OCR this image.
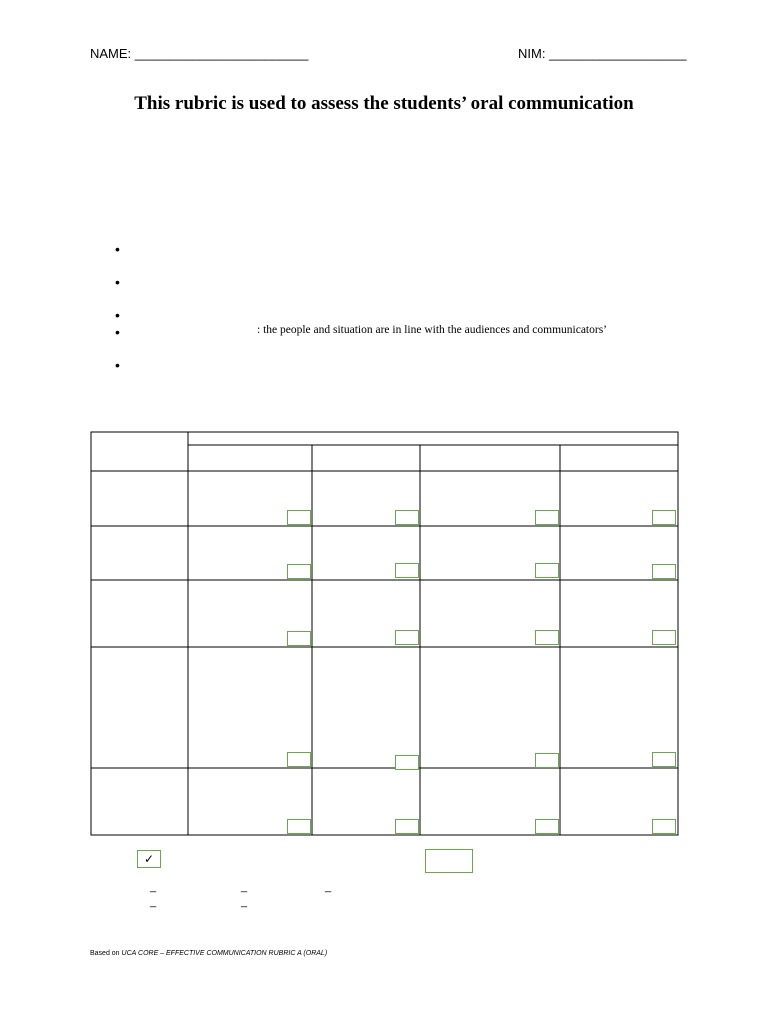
NAME: ________________________	NIM: ___________________
This rubric is used to assess the students’ oral communication
•
•
•
•
•
: the people and situation are in line with the audiences and communicators’
✓
_	_	_
_	_
Based on UCA CORE – EFFECTIVE COMMUNICATION RUBRIC A (ORAL)
